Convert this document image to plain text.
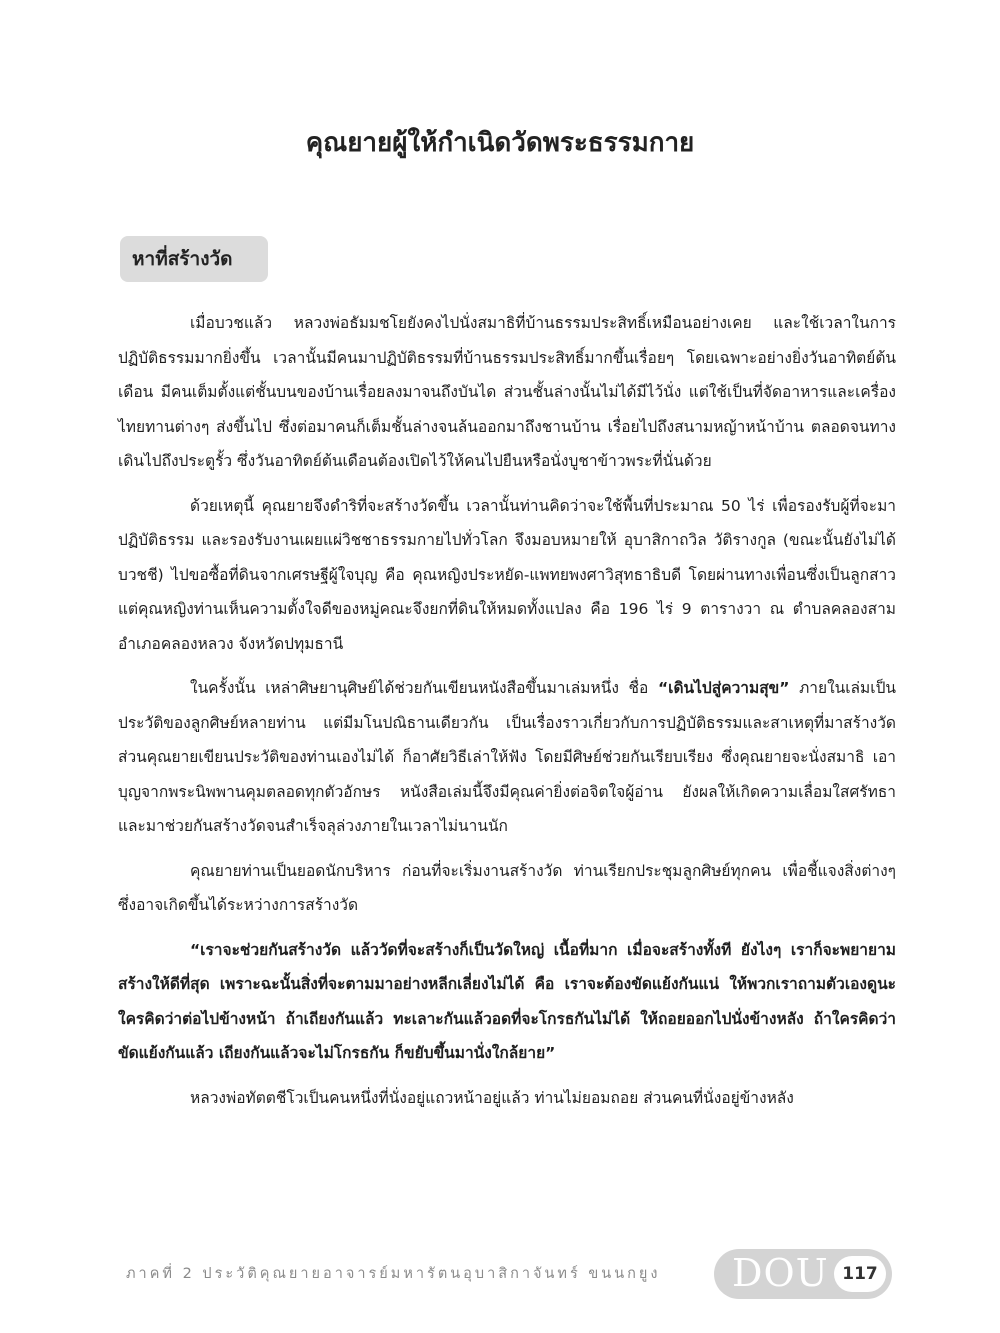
คุณยายผู้ให้กำเนิดวัดพระธรรมกาย
หาที่สร้างวัด

เมื่อบวชแล้ว หลวงพ่อธัมมชโยยังคงไปนั่งสมาธิที่บ้านธรรมประสิทธิ์เหมือนอย่างเคย และใช้เวลาในการปฏิบัติธรรมมากยิ่งขึ้น เวลานั้นมีคนมาปฏิบัติธรรมที่บ้านธรรมประสิทธิ์มากขึ้นเรื่อยๆ โดยเฉพาะอย่างยิ่งวันอาทิตย์ต้นเดือน มีคนเต็มตั้งแต่ชั้นบนของบ้านเรื่อยลงมาจนถึงบันได ส่วนชั้นล่างนั้นไม่ได้มีไว้นั่ง แต่ใช้เป็นที่จัดอาหารและเครื่องไทยทานต่างๆ ส่งขึ้นไป ซึ่งต่อมาคนก็เต็มชั้นล่างจนล้นออกมาถึงชานบ้าน เรื่อยไปถึงสนามหญ้าหน้าบ้าน ตลอดจนทางเดินไปถึงประตูรั้ว ซึ่งวันอาทิตย์ต้นเดือนต้องเปิดไว้ให้คนไปยืนหรือนั่งบูชาข้าวพระที่นั่นด้วย

ด้วยเหตุนี้ คุณยายจึงดำริที่จะสร้างวัดขึ้น เวลานั้นท่านคิดว่าจะใช้พื้นที่ประมาณ 50 ไร่ เพื่อรองรับผู้ที่จะมาปฏิบัติธรรม และรองรับงานเผยแผ่วิชชาธรรมกายไปทั่วโลก จึงมอบหมายให้ อุบาสิกาถวิล วัติรางกูล (ขณะนั้นยังไม่ได้บวชชี) ไปขอซื้อที่ดินจากเศรษฐีผู้ใจบุญ คือ คุณหญิงประหยัด-แพทยพงศาวิสุทธาธิบดี โดยผ่านทางเพื่อนซึ่งเป็นลูกสาว แต่คุณหญิงท่านเห็นความตั้งใจดีของหมู่คณะจึงยกที่ดินให้หมดทั้งแปลง คือ 196 ไร่ 9 ตารางวา ณ ตำบลคลองสาม อำเภอคลองหลวง จังหวัดปทุมธานี

ในครั้งนั้น เหล่าศิษยานุศิษย์ได้ช่วยกันเขียนหนังสือขึ้นมาเล่มหนึ่ง ชื่อ “เดินไปสู่ความสุข” ภายในเล่มเป็นประวัติของลูกศิษย์หลายท่าน แต่มีมโนปณิธานเดียวกัน เป็นเรื่องราวเกี่ยวกับการปฏิบัติธรรมและสาเหตุที่มาสร้างวัด ส่วนคุณยายเขียนประวัติของท่านเองไม่ได้ ก็อาศัยวิธีเล่าให้ฟัง โดยมีศิษย์ช่วยกันเรียบเรียง ซึ่งคุณยายจะนั่งสมาธิ เอาบุญจากพระนิพพานคุมตลอดทุกตัวอักษร หนังสือเล่มนี้จึงมีคุณค่ายิ่งต่อจิตใจผู้อ่าน ยังผลให้เกิดความเลื่อมใสศรัทธา และมาช่วยกันสร้างวัดจนสำเร็จลุล่วงภายในเวลาไม่นานนัก

คุณยายท่านเป็นยอดนักบริหาร ก่อนที่จะเริ่มงานสร้างวัด ท่านเรียกประชุมลูกศิษย์ทุกคน เพื่อชี้แจงสิ่งต่างๆ ซึ่งอาจเกิดขึ้นได้ระหว่างการสร้างวัด

“เราจะช่วยกันสร้างวัด แล้ววัดที่จะสร้างก็เป็นวัดใหญ่ เนื้อที่มาก เมื่อจะสร้างทั้งที ยังไงๆ เราก็จะพยายามสร้างให้ดีที่สุด เพราะฉะนั้นสิ่งที่จะตามมาอย่างหลีกเลี่ยงไม่ได้ คือ เราจะต้องขัดแย้งกันแน่ ให้พวกเราถามตัวเองดูนะ ใครคิดว่าต่อไปข้างหน้า ถ้าเถียงกันแล้ว ทะเลาะกันแล้วอดที่จะโกรธกันไม่ได้ ให้ถอยออกไปนั่งข้างหลัง ถ้าใครคิดว่าขัดแย้งกันแล้ว เถียงกันแล้วจะไม่โกรธกัน ก็ขยับขึ้นมานั่งใกล้ยาย”

หลวงพ่อทัตตชีโวเป็นคนหนึ่งที่นั่งอยู่แถวหน้าอยู่แล้ว ท่านไม่ยอมถอย ส่วนคนที่นั่งอยู่ข้างหลัง

ภาคที่ 2 ประวัติคุณยายอาจารย์มหารัตนอุบาสิกาจันทร์ ขนนกยูง DOU 117
